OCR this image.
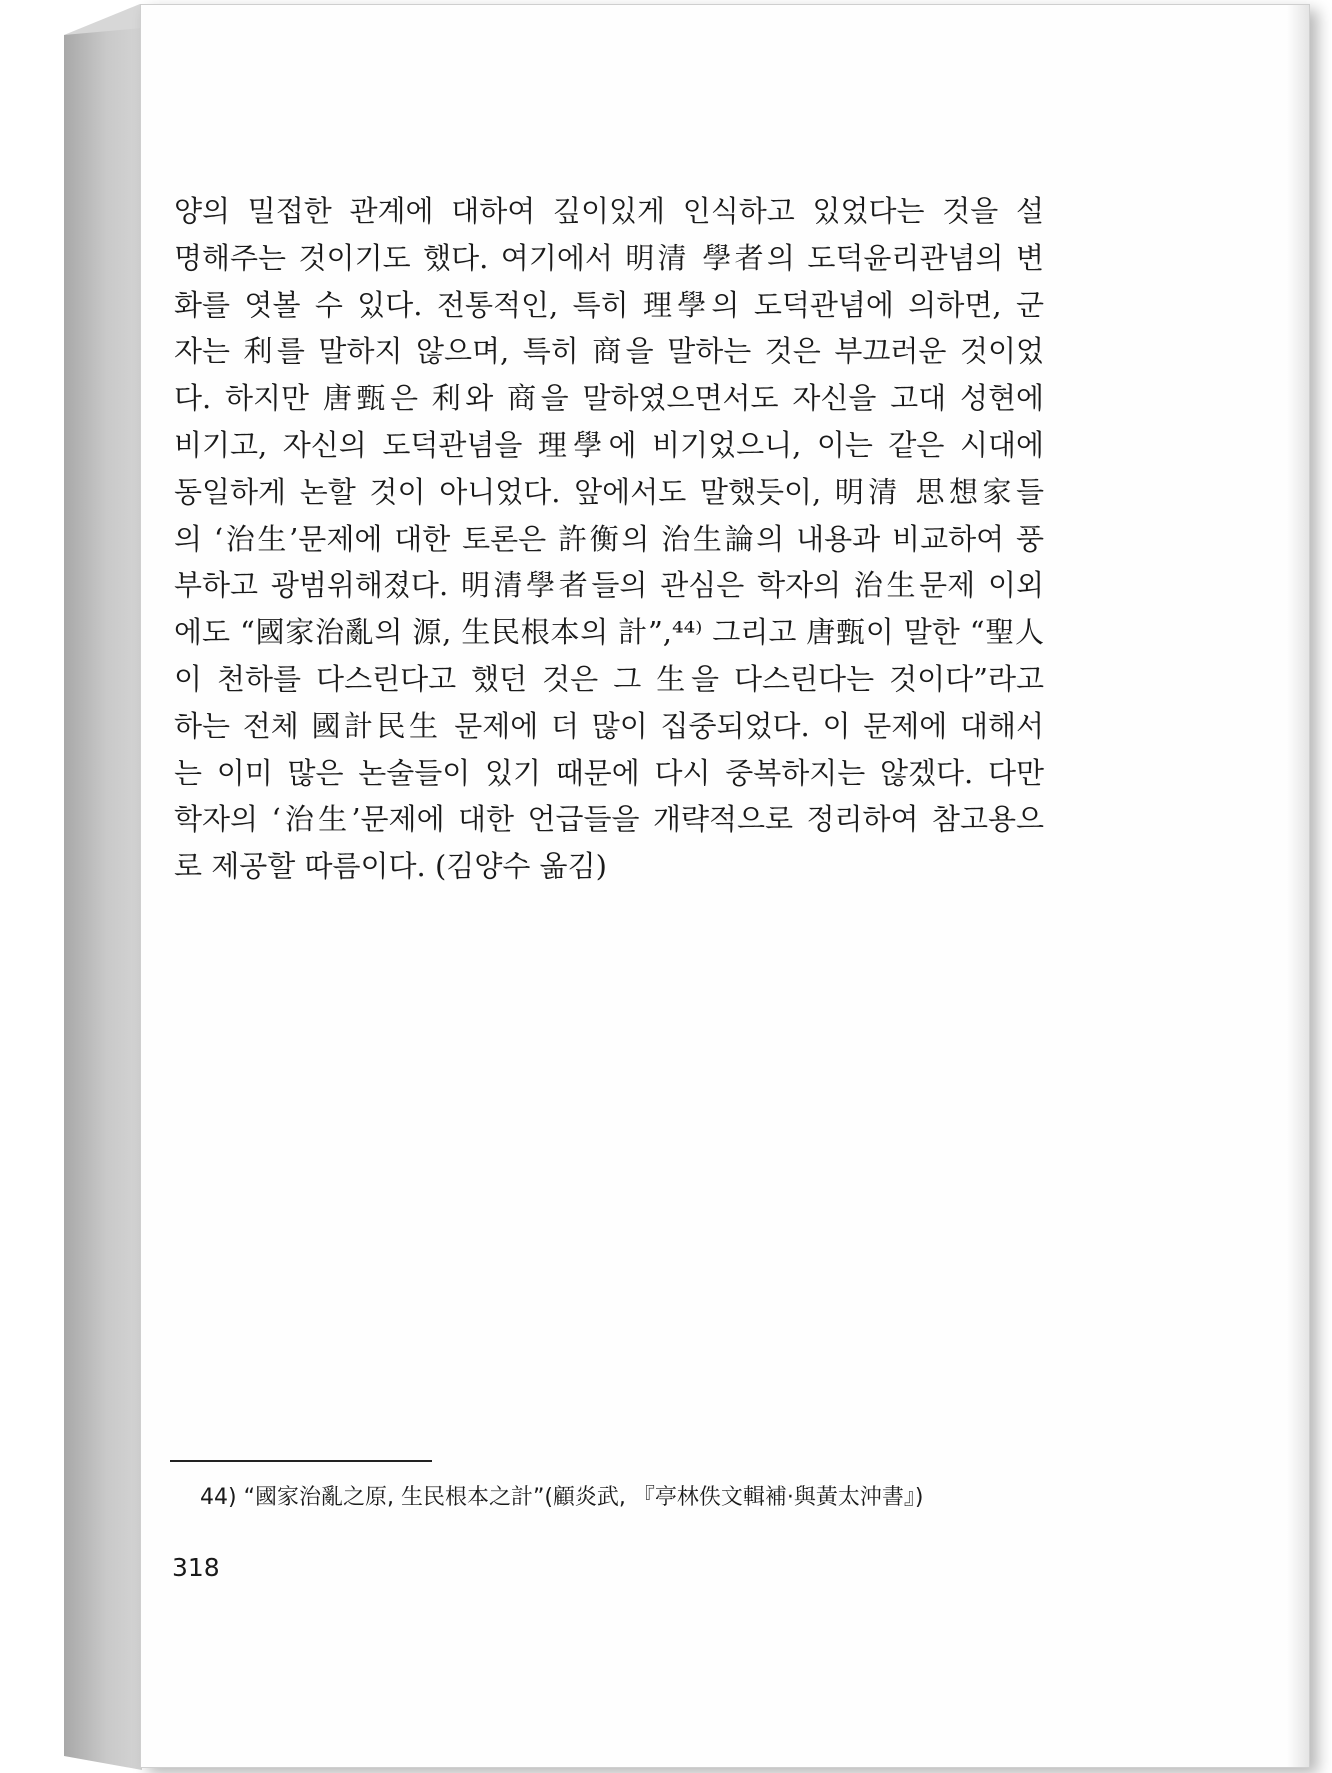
양의 밀접한 관계에 대하여 깊이있게 인식하고 있었다는 것을 설
명해주는 것이기도 했다. 여기에서 明清 學者의 도덕윤리관념의 변
화를 엿볼 수 있다. 전통적인, 특히 理學의 도덕관념에 의하면, 군
자는 利를 말하지 않으며, 특히 商을 말하는 것은 부끄러운 것이었
다. 하지만 唐甄은 利와 商을 말하였으면서도 자신을 고대 성현에
비기고, 자신의 도덕관념을 理學에 비기었으니, 이는 같은 시대에
동일하게 논할 것이 아니었다. 앞에서도 말했듯이, 明清 思想家들
의 ‘治生’문제에 대한 토론은 許衡의 治生論의 내용과 비교하여 풍
부하고 광범위해졌다. 明清學者들의 관심은 학자의 治生문제 이외
에도 “國家治亂의 源, 生民根本의 計”,⁴⁴⁾ 그리고 唐甄이 말한 “聖人
이 천하를 다스린다고 했던 것은 그 生을 다스린다는 것이다”라고
하는 전체 國計民生 문제에 더 많이 집중되었다. 이 문제에 대해서
는 이미 많은 논술들이 있기 때문에 다시 중복하지는 않겠다. 다만
학자의 ‘治生’문제에 대한 언급들을 개략적으로 정리하여 참고용으
로 제공할 따름이다. (김양수 옮김)
44) “國家治亂之原, 生民根本之計”(顧炎武, 『亭林佚文輯補·與黃太沖書』)
318
